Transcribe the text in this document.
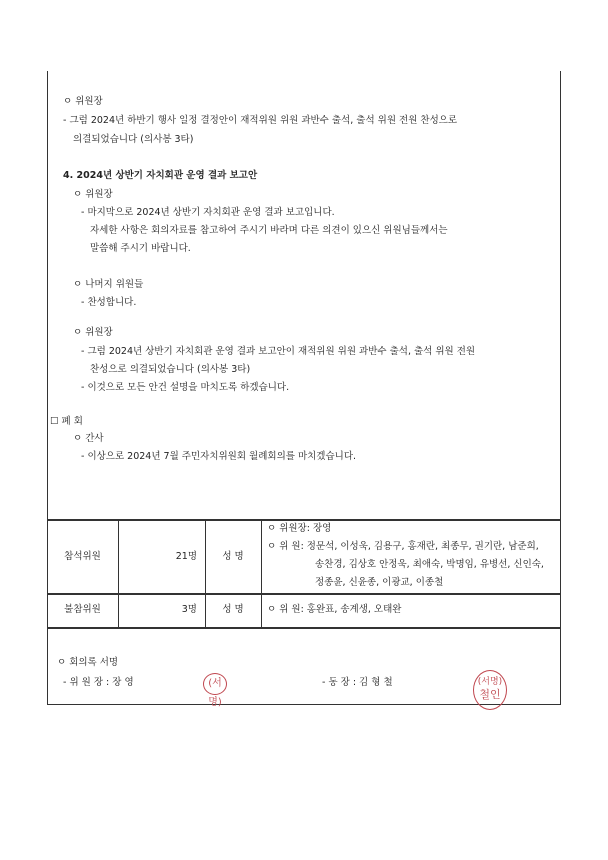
ㅇ 위원장
- 그럼 2024년 하반기 행사 일정 결정안이 재적위원 위원 과반수 출석, 출석 위원 전원 찬성으로
의결되었습니다 (의사봉 3타)
4. 2024년 상반기 자치회관 운영 결과 보고안
ㅇ 위원장
- 마지막으로 2024년 상반기 자치회관 운영 결과 보고입니다.
자세한 사항은 회의자료를 참고하여 주시기 바라며 다른 의견이 있으신 위원님들께서는
말씀해 주시기 바랍니다.
ㅇ 나머지 위원들
- 찬성합니다.
ㅇ 위원장
- 그럼 2024년 상반기 자치회관 운영 결과 보고안이 재적위원 위원 과반수 출석, 출석 위원 전원
찬성으로 의결되었습니다 (의사봉 3타)
- 이것으로 모든 안건 설명을 마치도록 하겠습니다.
☐ 폐 회
ㅇ 간사
- 이상으로 2024년 7월 주민자치위원회 월례회의를 마치겠습니다.
참석위원	21명	성 명
ㅇ 위원장: 장영
ㅇ 위 원: 정문석, 이성욱, 김용구, 홍재란, 최종무, 권기란, 남준희,
송찬경, 김상호 안정욱, 최애숙, 박명임, 유병선, 신인숙,
정종윤, 신윤종, 이광교, 이종철
불참위원	3명	성 명	ㅇ 위 원: 홍완표, 송계생, 오태완
ㅇ 회의록 서명
- 위 원 장 : 장 영	(서명)
- 동 장 : 김 형 철	(서명)
철인
